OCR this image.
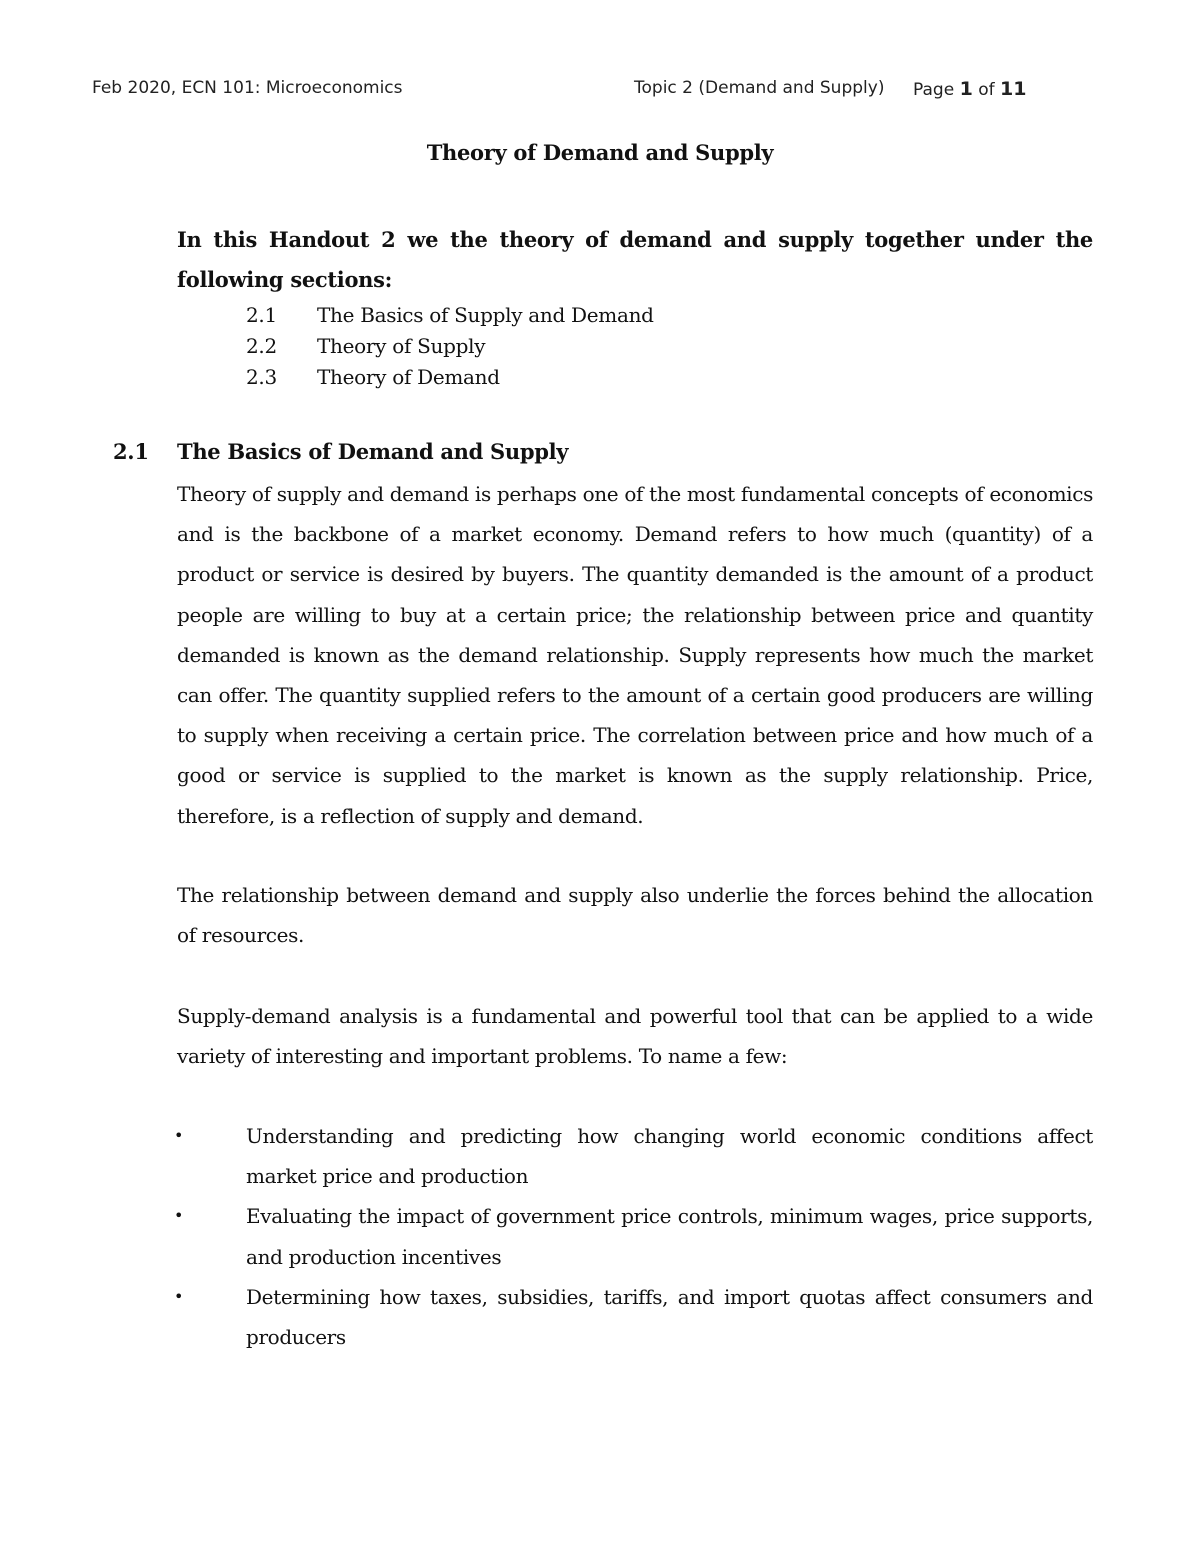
Feb 2020, ECN 101: Microeconomics	Topic 2 (Demand and Supply) Page 1 of 11
Theory of Demand and Supply
In this Handout 2 we the theory of demand and supply together under the following sections:
2.1	The Basics of Supply and Demand
2.2	Theory of Supply
2.3	Theory of Demand
2.1	The Basics of Demand and Supply
Theory of supply and demand is perhaps one of the most fundamental concepts of economics and is the backbone of a market economy. Demand refers to how much (quantity) of a product or service is desired by buyers. The quantity demanded is the amount of a product people are willing to buy at a certain price; the relationship between price and quantity demanded is known as the demand relationship. Supply represents how much the market can offer. The quantity supplied refers to the amount of a certain good producers are willing to supply when receiving a certain price. The correlation between price and how much of a good or service is supplied to the market is known as the supply relationship. Price, therefore, is a reflection of supply and demand.
The relationship between demand and supply also underlie the forces behind the allocation of resources.
Supply-demand analysis is a fundamental and powerful tool that can be applied to a wide variety of interesting and important problems. To name a few:
•	Understanding and predicting how changing world economic conditions affect market price and production
•	Evaluating the impact of government price controls, minimum wages, price supports, and production incentives
•	Determining how taxes, subsidies, tariffs, and import quotas affect consumers and producers
